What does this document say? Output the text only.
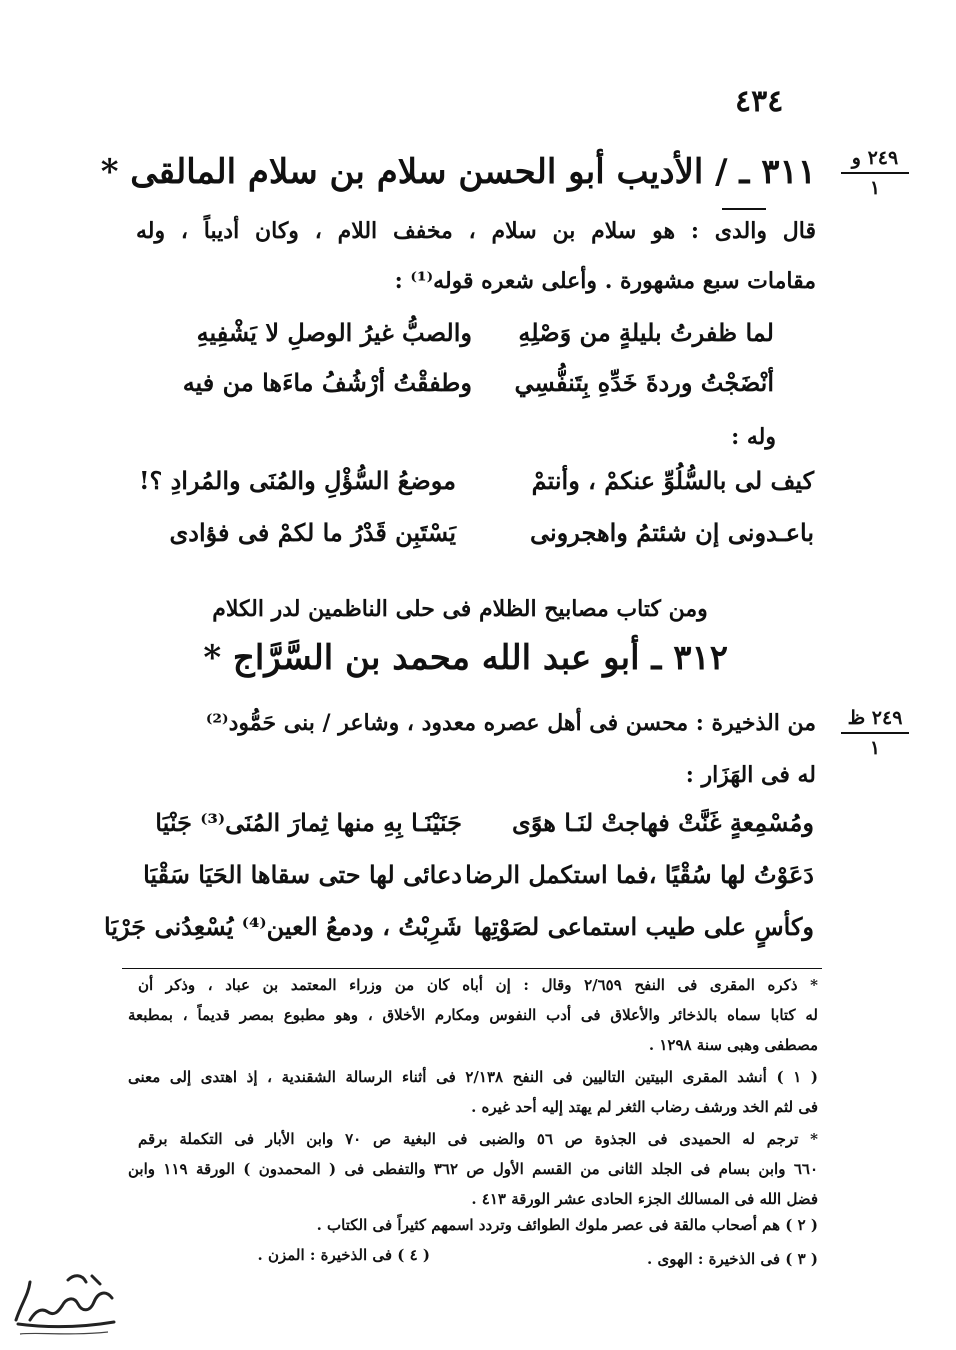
٤٣٤
٢٤٩ و
١
٢٤٩ ظ
١
٣١١ ـ / الأديب أبو الحسن سلام بن سلام المالقى *
قال والدى : هو سلام بن سلام ، مخفف اللام ، وكان أديباً ، وله
مقامات سبع مشهورة . وأعلى شعره قوله⁽¹⁾ :
لما ظفرتُ بليلةٍ من وَصْلِهِ
والصبُّ غيرُ الوصلِ لا يَشْفِيهِ
أنْضَجْتُ وردةَ خَدِّهِ بِتَنفُّسِي
وطفقْتُ أرْشُفُ ماءَها من فيه
وله :
كيف لى بالسُّلُوِّ عنكمْ ، وأنتمْ
موضعُ السُّؤْلِ والمُنَى والمُرادِ ؟!
باعـدونى إن شئتمُ واهجرونى
يَسْتَبِن قَدْرُ ما لكمْ فى فؤادى
ومن كتاب مصابيح الظلام فى حلى الناظمين لدر الكلام
٣١٢ ـ أبو عبد الله محمد بن السَّرَّاج *
من الذخيرة : محسن فى أهل عصره معدود ، وشاعر / بنى حَمُّود⁽²⁾
له فى الهَزَار :
ومُسْمِعةٍ غَنَّتْ فهاجتْ لنَـا هوًى
جَنَيْنَـا بِهِ منها ثِمارَ المُنَى⁽³⁾ جَنْيَا
دَعَوْتُ لها سُقْيًا ،فما استكمل الرضا
دعائى لها حتى سقاها الحَيَا سَقْيَا
وكأسٍ على طيب استماعى لصَوْتِها
شَرِبْتُ ، ودمعُ العين⁽⁴⁾ يُسْعِدُنى جَرْيَا
* ذكره المقرى فى النفح ٢/٦٥٩ وقال : إن أباه كان من وزراء المعتمد بن عباد ، وذكر أن
له كتابا سماه بالذخائر والأعلاق فى أدب النفوس ومكارم الأخلاق ، وهو مطبوع بمصر قديماً ، بمطبعة
مصطفى وهبى سنة ١٢٩٨ .
( ١ ) أنشد المقرى البيتين التاليين فى النفح ٢/١٣٨ فى أثناء الرسالة الشقندية ، إذ اهتدى إلى معنى
فى لثم الخد ورشف رضاب الثغر لم يهتد إليه أحد غيره .
* ترجم له الحميدى فى الجذوة ص ٥٦ والضبى فى البغية ص ٧٠ وابن الأبار فى التكملة برقم
٦٦٠ وابن بسام فى الجلد الثانى من القسم الأول ص ٣٦٢ والتفطى فى ( المحمدون ) الورقة ١١٩ وابن
فضل الله فى المسالك الجزء الحادى عشر الورقة ٤١٣ .
( ٢ ) هم أصحاب مالقة فى عصر ملوك الطوائف وتردد اسمهم كثيراً فى الكتاب .
( ٣ ) فى الذخيرة : الهوى .
( ٤ ) فى الذخيرة : المزن .
